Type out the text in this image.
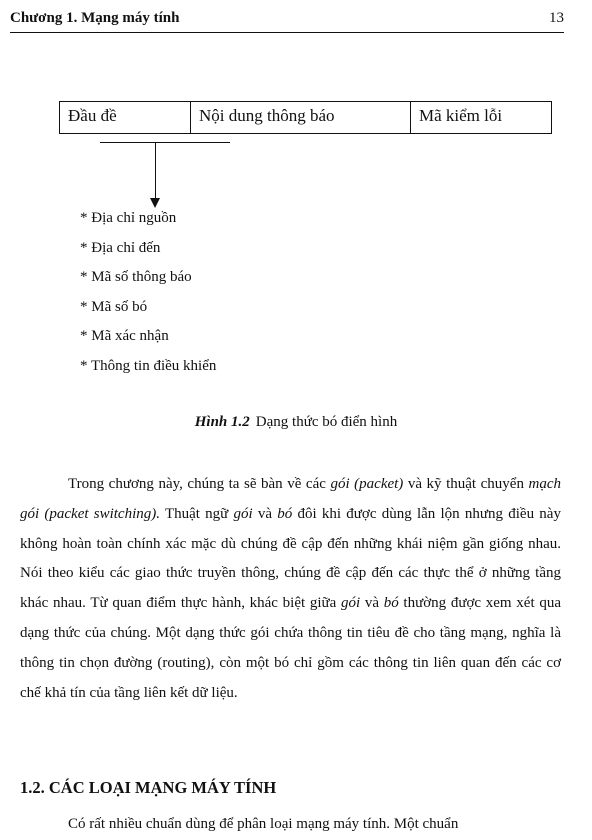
Chương 1. Mạng máy tính	13
Đầu đề	Nội dung thông báo	Mã kiểm lỗi
* Địa chỉ nguồn
* Địa chỉ đến
* Mã số thông báo
* Mã số bó
* Mã xác nhận
* Thông tin điều khiển
Hình 1.2 Dạng thức bó điển hình

Trong chương này, chúng ta sẽ bàn về các gói (packet) và kỹ thuật chuyển mạch gói (packet switching). Thuật ngữ gói và bó đôi khi được dùng lẫn lộn nhưng điều này không hoàn toàn chính xác mặc dù chúng đề cập đến những khái niệm gần giống nhau. Nói theo kiểu các giao thức truyền thông, chúng đề cập đến các thực thể ở những tầng khác nhau. Từ quan điểm thực hành, khác biệt giữa gói và bó thường được xem xét qua dạng thức của chúng. Một dạng thức gói chứa thông tin tiêu đề cho tầng mạng, nghĩa là thông tin chọn đường (routing), còn một bó chỉ gồm các thông tin liên quan đến các cơ chế khả tín của tầng liên kết dữ liệu.

1.2. CÁC LOẠI MẠNG MÁY TÍNH

Có rất nhiều chuẩn dùng để phân loại mạng máy tính. Một chuẩn
